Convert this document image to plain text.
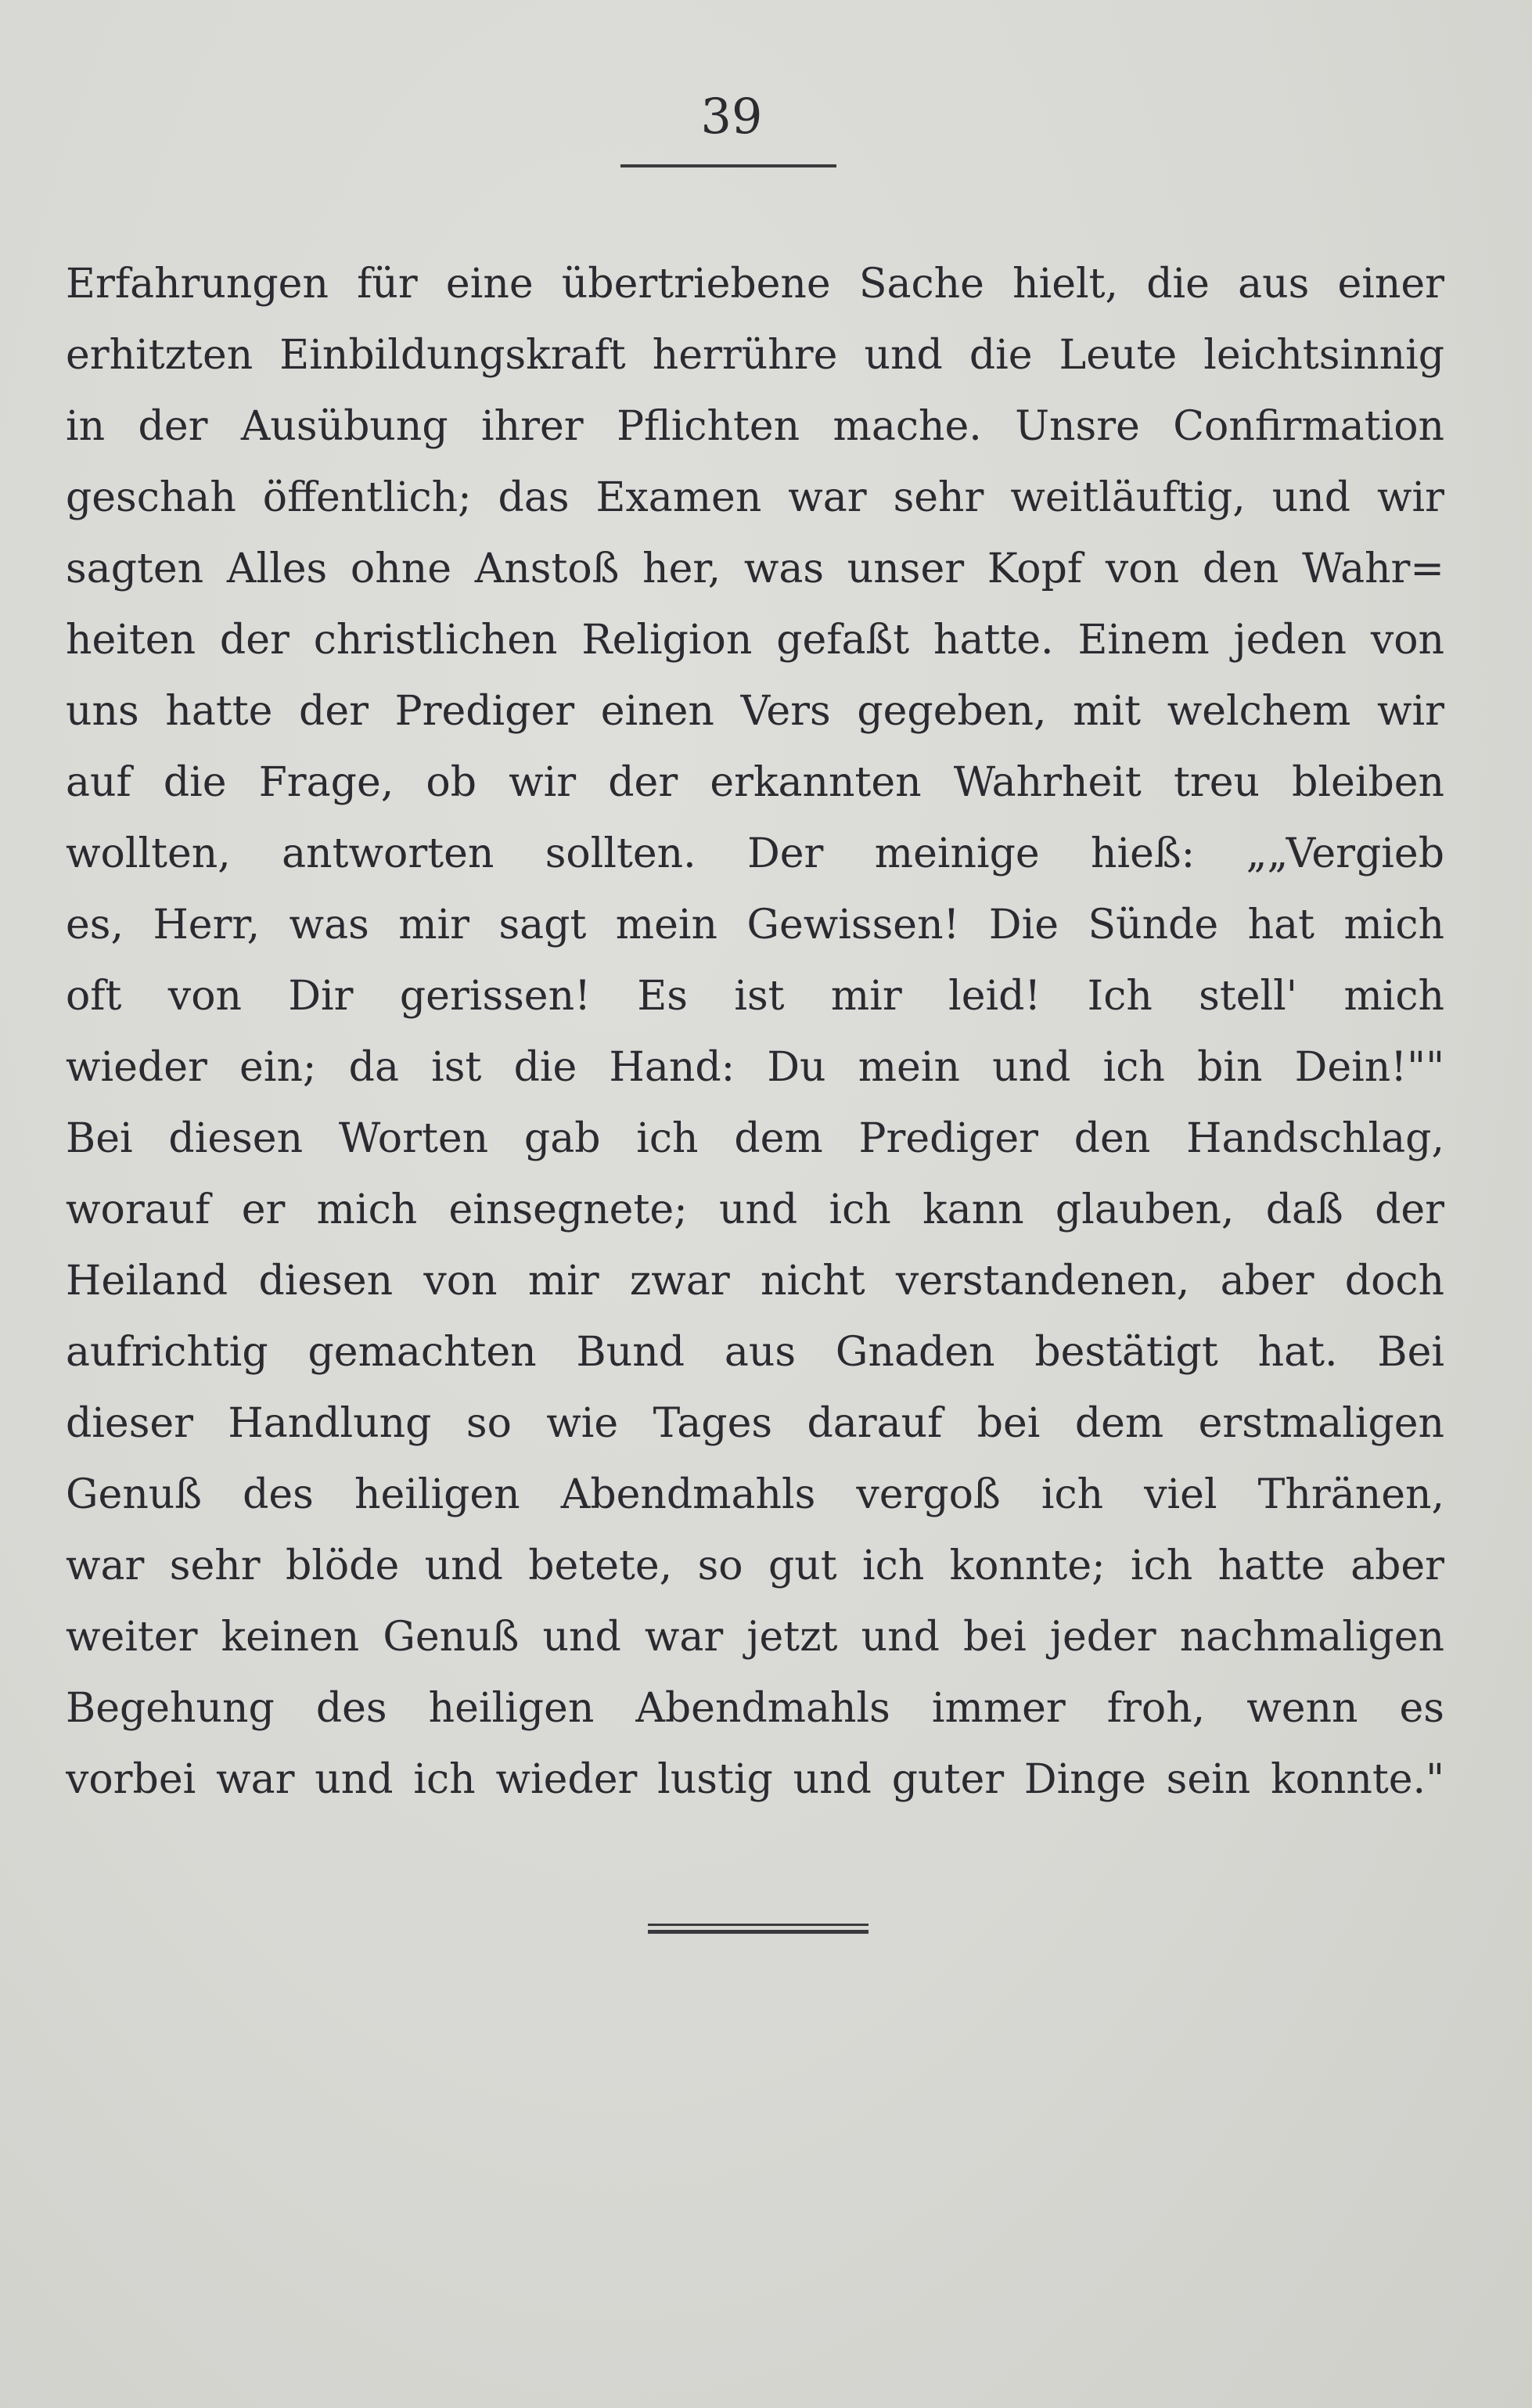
39
Erfahrungen für eine übertriebene Sache hielt, die aus einer
erhitzten Einbildungskraft herrühre und die Leute leichtsinnig
in der Ausübung ihrer Pflichten mache. Unsre Confirmation
geschah öffentlich; das Examen war sehr weitläuftig, und wir
sagten Alles ohne Anstoß her, was unser Kopf von den Wahr=
heiten der christlichen Religion gefaßt hatte. Einem jeden von
uns hatte der Prediger einen Vers gegeben, mit welchem wir
auf die Frage, ob wir der erkannten Wahrheit treu bleiben
wollten, antworten sollten. Der meinige hieß: „„Vergieb
es, Herr, was mir sagt mein Gewissen! Die Sünde hat mich
oft von Dir gerissen! Es ist mir leid! Ich stell' mich
wieder ein; da ist die Hand: Du mein und ich bin Dein!""
Bei diesen Worten gab ich dem Prediger den Handschlag,
worauf er mich einsegnete; und ich kann glauben, daß der
Heiland diesen von mir zwar nicht verstandenen, aber doch
aufrichtig gemachten Bund aus Gnaden bestätigt hat. Bei
dieser Handlung so wie Tages darauf bei dem erstmaligen
Genuß des heiligen Abendmahls vergoß ich viel Thränen,
war sehr blöde und betete, so gut ich konnte; ich hatte aber
weiter keinen Genuß und war jetzt und bei jeder nachmaligen
Begehung des heiligen Abendmahls immer froh, wenn es
vorbei war und ich wieder lustig und guter Dinge sein konnte."
